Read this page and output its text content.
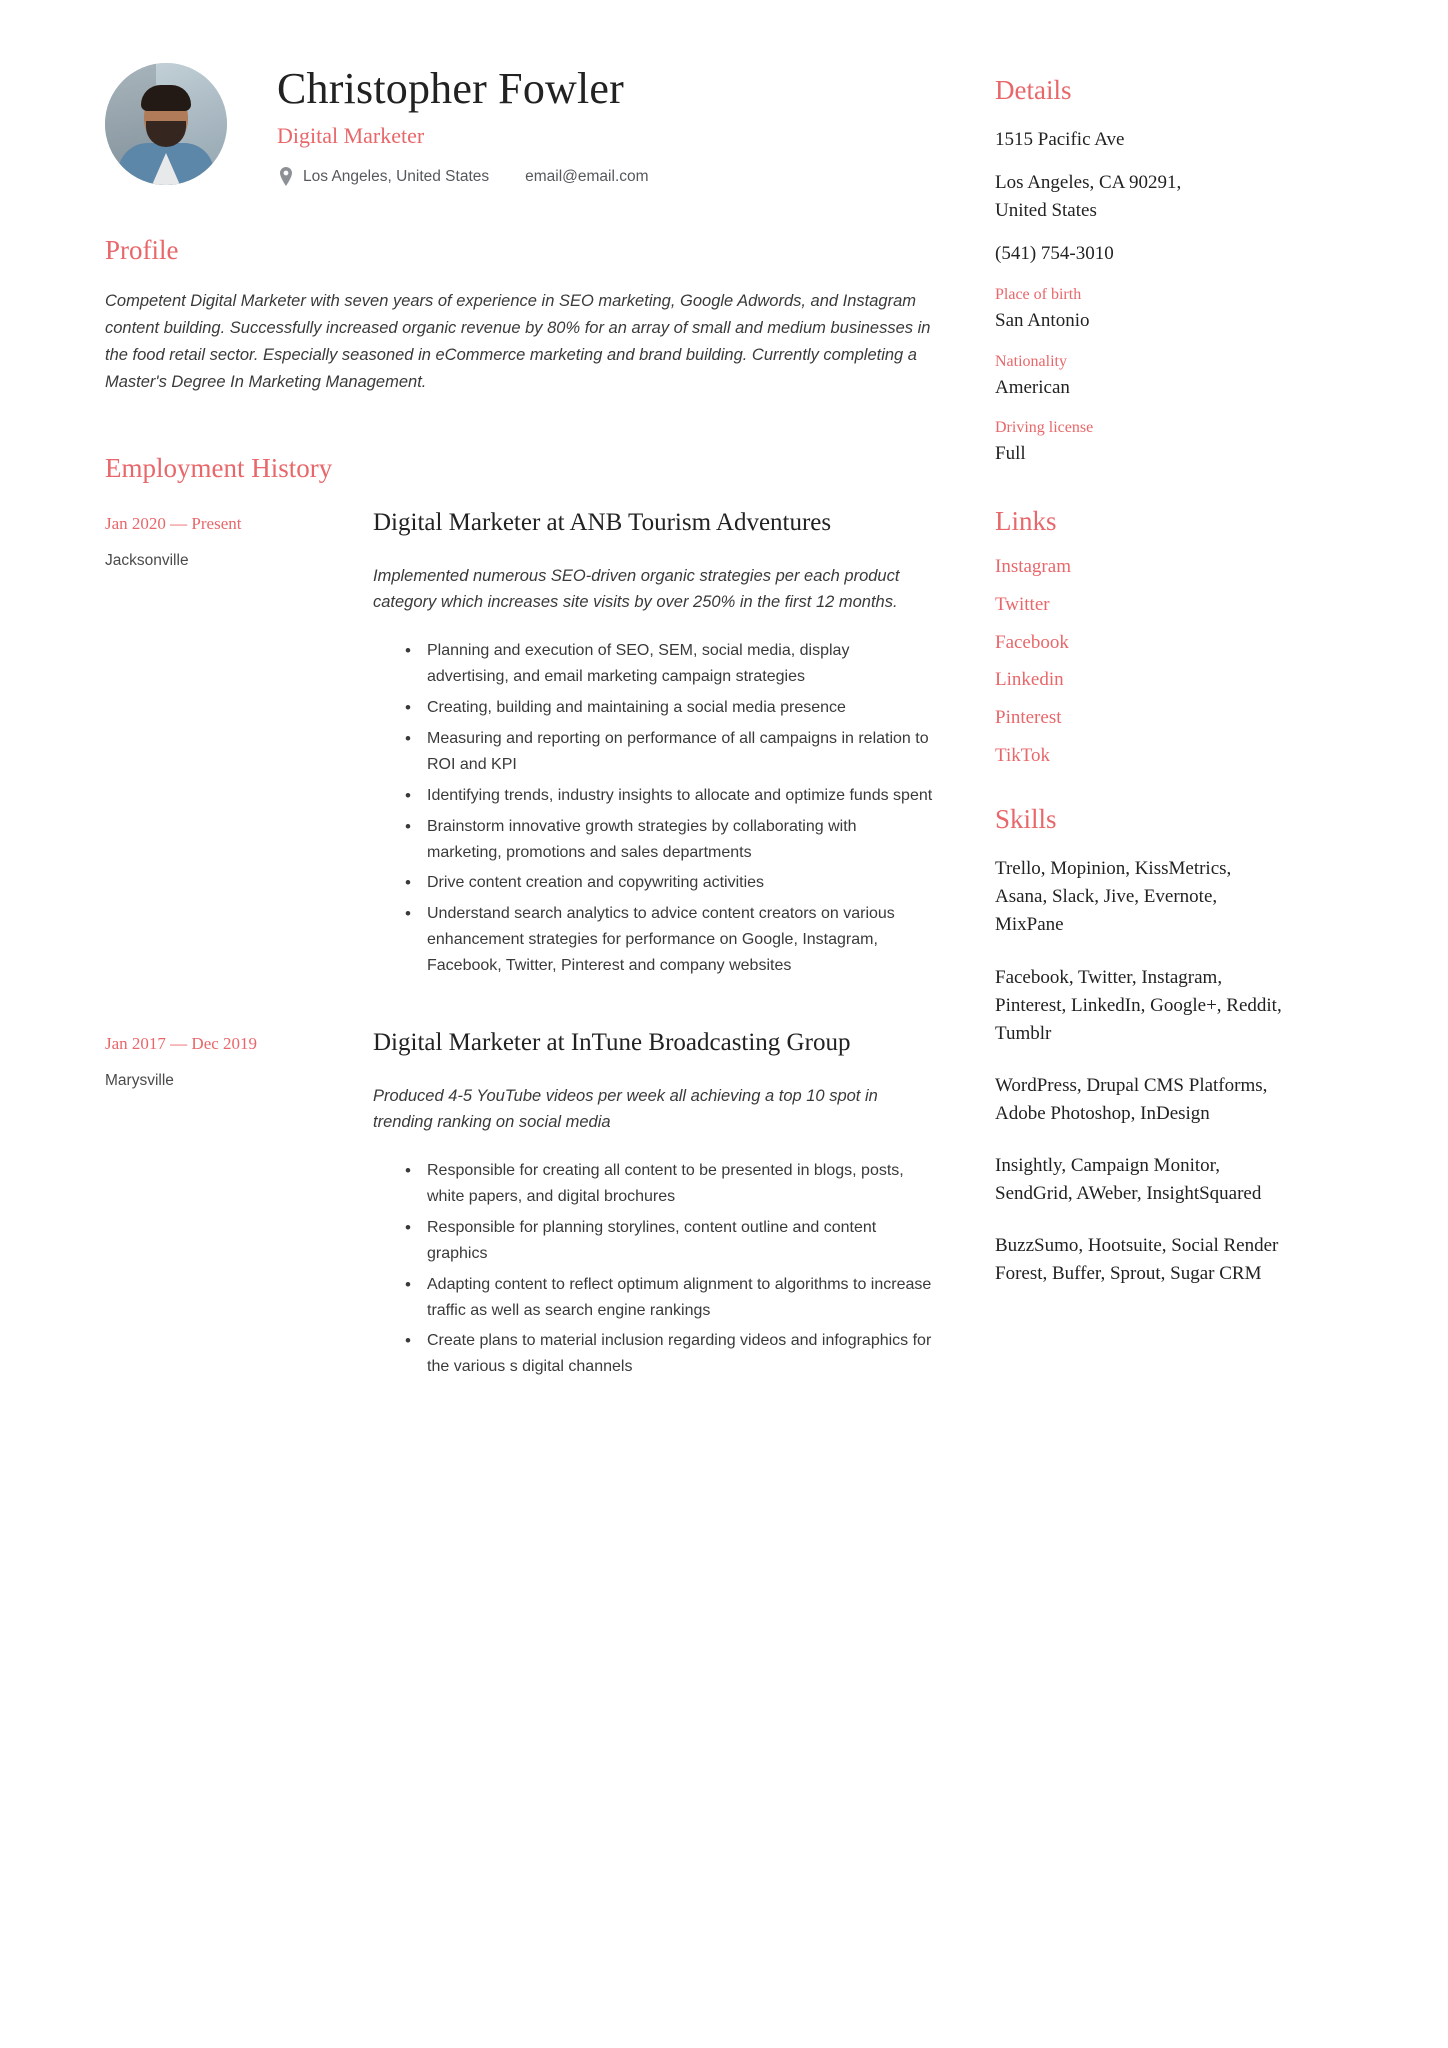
Christopher Fowler
Digital Marketer
Los Angeles, United States email@email.com
Profile

Competent Digital Marketer with seven years of experience in SEO marketing, Google Adwords, and Instagram content building. Successfully increased organic revenue by 80% for an array of small and medium businesses in the food retail sector. Especially seasoned in eCommerce marketing and brand building. Currently completing a Master's Degree In Marketing Management.

Employment History
Jan 2020 — Present
Jacksonville
Digital Marketer at ANB Tourism Adventures

Implemented numerous SEO-driven organic strategies per each product category which increases site visits by over 250% in the first 12 months.

• Planning and execution of SEO, SEM, social media, display advertising, and email marketing campaign strategies
• Creating, building and maintaining a social media presence
• Measuring and reporting on performance of all campaigns in relation to ROI and KPI
• Identifying trends, industry insights to allocate and optimize funds spent
• Brainstorm innovative growth strategies by collaborating with marketing, promotions and sales departments
• Drive content creation and copywriting activities
• Understand search analytics to advice content creators on various enhancement strategies for performance on Google, Instagram, Facebook, Twitter, Pinterest and company websites
Jan 2017 — Dec 2019
Marysville
Digital Marketer at InTune Broadcasting Group

Produced 4-5 YouTube videos per week all achieving a top 10 spot in trending ranking on social media

• Responsible for creating all content to be presented in blogs, posts, white papers, and digital brochures
• Responsible for planning storylines, content outline and content graphics
• Adapting content to reflect optimum alignment to algorithms to increase traffic as well as search engine rankings
• Create plans to material inclusion regarding videos and infographics for the various s digital channels
Details
1515 Pacific Ave
Los Angeles, CA 90291,
United States
(541) 754-3010
Place of birth
San Antonio
Nationality
American
Driving license
Full
Links
Instagram
Twitter
Facebook
Linkedin
Pinterest
TikTok
Skills
Trello, Mopinion, KissMetrics, Asana, Slack, Jive, Evernote, MixPane
Facebook, Twitter, Instagram, Pinterest, LinkedIn, Google+, Reddit, Tumblr
WordPress, Drupal CMS Platforms, Adobe Photoshop, InDesign
Insightly, Campaign Monitor, SendGrid, AWeber, InsightSquared
BuzzSumo, Hootsuite, Social Render Forest, Buffer, Sprout, Sugar CRM
